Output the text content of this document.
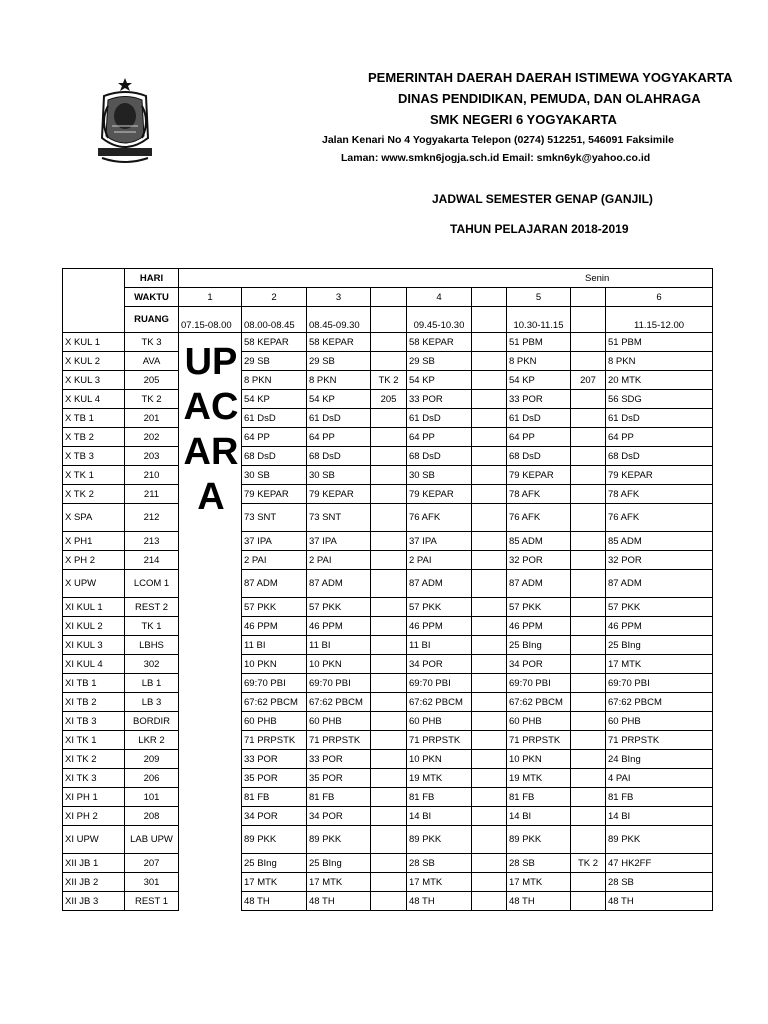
PEMERINTAH DAERAH DAERAH ISTIMEWA YOGYAKARTA
DINAS PENDIDIKAN, PEMUDA, DAN OLAHRAGA
SMK NEGERI 6 YOGYAKARTA
Jalan Kenari No 4 Yogyakarta Telepon (0274) 512251, 546091 Faksimile
Laman: www.smkn6jogja.sch.id Email: smkn6yk@yahoo.co.id
JADWAL SEMESTER GENAP (GANJIL)
TAHUN PELAJARAN 2018-2019
	HARI	Senin								
	WAKTU	1	2	3		4		5		6
	RUANG	07.15-08.00	08.00-08.45	08.45-09.30		09.45-10.30		10.30-11.15		11.15-12.00
X KUL 1	TK 3		58 KEPAR	58 KEPAR		58 KEPAR		51 PBM		51 PBM
X KUL 2	AVA		29 SB	29 SB		29 SB		8 PKN		8 PKN
X KUL 3	205		8 PKN	8 PKN	TK 2	54 KP		54 KP	207	20 MTK
X KUL 4	TK 2		54 KP	54 KP	205	33 POR		33 POR		56 SDG
X TB 1	201		61 DsD	61 DsD		61 DsD		61 DsD		61 DsD
X TB 2	202		64 PP	64 PP		64 PP		64 PP		64 PP
X TB 3	203		68 DsD	68 DsD		68 DsD		68 DsD		68 DsD
X TK 1	210		30 SB	30 SB		30 SB		79 KEPAR		79 KEPAR
X TK 2	211		79 KEPAR	79 KEPAR		79 KEPAR		78 AFK		78 AFK
X SPA	212		73 SNT	73 SNT		76 AFK		76 AFK		76 AFK
X PH1	213		37 IPA	37 IPA		37 IPA		85 ADM		85 ADM
X PH 2	214		2 PAI	2 PAI		2 PAI		32 POR		32 POR
X UPW	LCOM 1		87 ADM	87 ADM		87 ADM		87 ADM		87 ADM
XI KUL 1	REST 2		57 PKK	57 PKK		57 PKK		57 PKK		57 PKK
XI KUL 2	TK 1		46 PPM	46 PPM		46 PPM		46 PPM		46 PPM
XI KUL 3	LBHS		11 BI	11 BI		11 BI		25 BIng		25 BIng
XI KUL 4	302		10 PKN	10 PKN		34 POR		34 POR		17 MTK
XI TB 1	LB 1		69:70 PBI	69:70 PBI		69:70 PBI		69:70 PBI		69:70 PBI
XI TB 2	LB 3		67:62 PBCM	67:62 PBCM		67:62 PBCM		67:62 PBCM		67:62 PBCM
XI TB 3	BORDIR		60 PHB	60 PHB		60 PHB		60 PHB		60 PHB
XI TK 1	LKR 2		71 PRPSTK	71 PRPSTK		71 PRPSTK		71 PRPSTK		71 PRPSTK
XI TK 2	209		33 POR	33 POR		10 PKN		10 PKN		24 BIng
XI TK 3	206		35 POR	35 POR		19 MTK		19 MTK		4 PAI
XI PH 1	101		81 FB	81 FB		81 FB		81 FB		81 FB
XI PH 2	208		34 POR	34 POR		14 BI		14 BI		14 BI
XI UPW	LAB UPW		89 PKK	89 PKK		89 PKK		89 PKK		89 PKK
XII JB 1	207		25 BIng	25 BIng		28 SB		28 SB	TK 2	47 HK2FF
XII JB 2	301		17 MTK	17 MTK		17 MTK		17 MTK		28 SB
XII JB 3	REST 1		48 TH	48 TH		48 TH		48 TH		48 TH
UP
AC
AR
A
